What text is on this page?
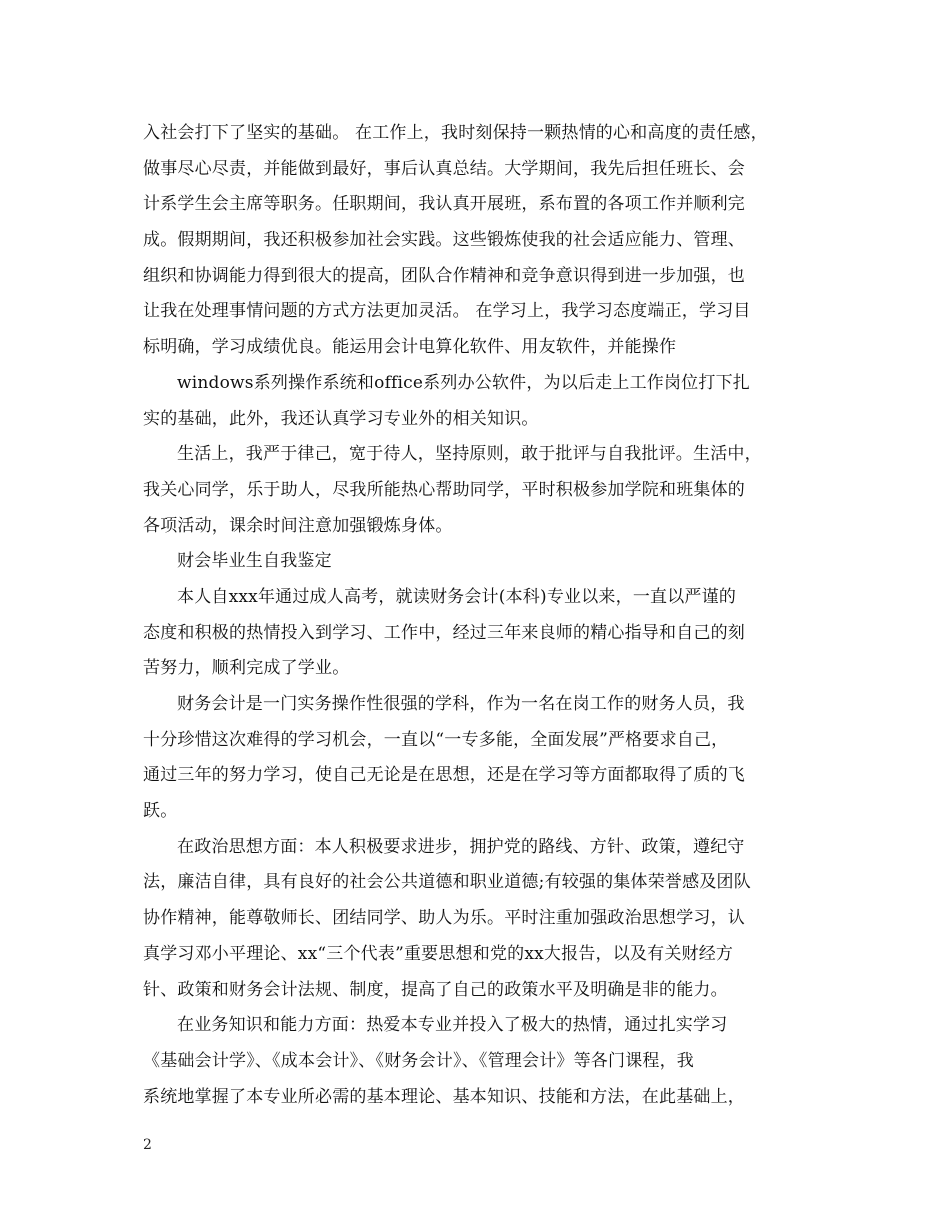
入社会打下了坚实的基础。 在工作上，我时刻保持一颗热情的心和高度的责任感，
做事尽心尽责，并能做到最好，事后认真总结。大学期间，我先后担任班长、会
计系学生会主席等职务。任职期间，我认真开展班，系布置的各项工作并顺利完
成。假期期间，我还积极参加社会实践。这些锻炼使我的社会适应能力、管理、
组织和协调能力得到很大的提高，团队合作精神和竞争意识得到进一步加强，也
让我在处理事情问题的方式方法更加灵活。 在学习上，我学习态度端正，学习目
标明确，学习成绩优良。能运用会计电算化软件、用友软件，并能操作
windows系列操作系统和office系列办公软件，为以后走上工作岗位打下扎
实的基础，此外，我还认真学习专业外的相关知识。
生活上，我严于律己，宽于待人，坚持原则，敢于批评与自我批评。生活中，
我关心同学，乐于助人，尽我所能热心帮助同学，平时积极参加学院和班集体的
各项活动，课余时间注意加强锻炼身体。
财会毕业生自我鉴定
本人自xxx年通过成人高考，就读财务会计(本科)专业以来，一直以严谨的
态度和积极的热情投入到学习、工作中，经过三年来良师的精心指导和自己的刻
苦努力，顺利完成了学业。
财务会计是一门实务操作性很强的学科，作为一名在岗工作的财务人员，我
十分珍惜这次难得的学习机会，一直以“一专多能，全面发展”严格要求自己，
通过三年的努力学习，使自己无论是在思想，还是在学习等方面都取得了质的飞
跃。
在政治思想方面：本人积极要求进步，拥护党的路线、方针、政策，遵纪守
法，廉洁自律，具有良好的社会公共道德和职业道德;有较强的集体荣誉感及团队
协作精神，能尊敬师长、团结同学、助人为乐。平时注重加强政治思想学习，认
真学习邓小平理论、xx“三个代表”重要思想和党的xx大报告，以及有关财经方
针、政策和财务会计法规、制度，提高了自己的政策水平及明确是非的能力。
在业务知识和能力方面：热爱本专业并投入了极大的热情，通过扎实学习
《基础会计学》、《成本会计》、《财务会计》、《管理会计》等各门课程，我
系统地掌握了本专业所必需的基本理论、基本知识、技能和方法，在此基础上，
2
